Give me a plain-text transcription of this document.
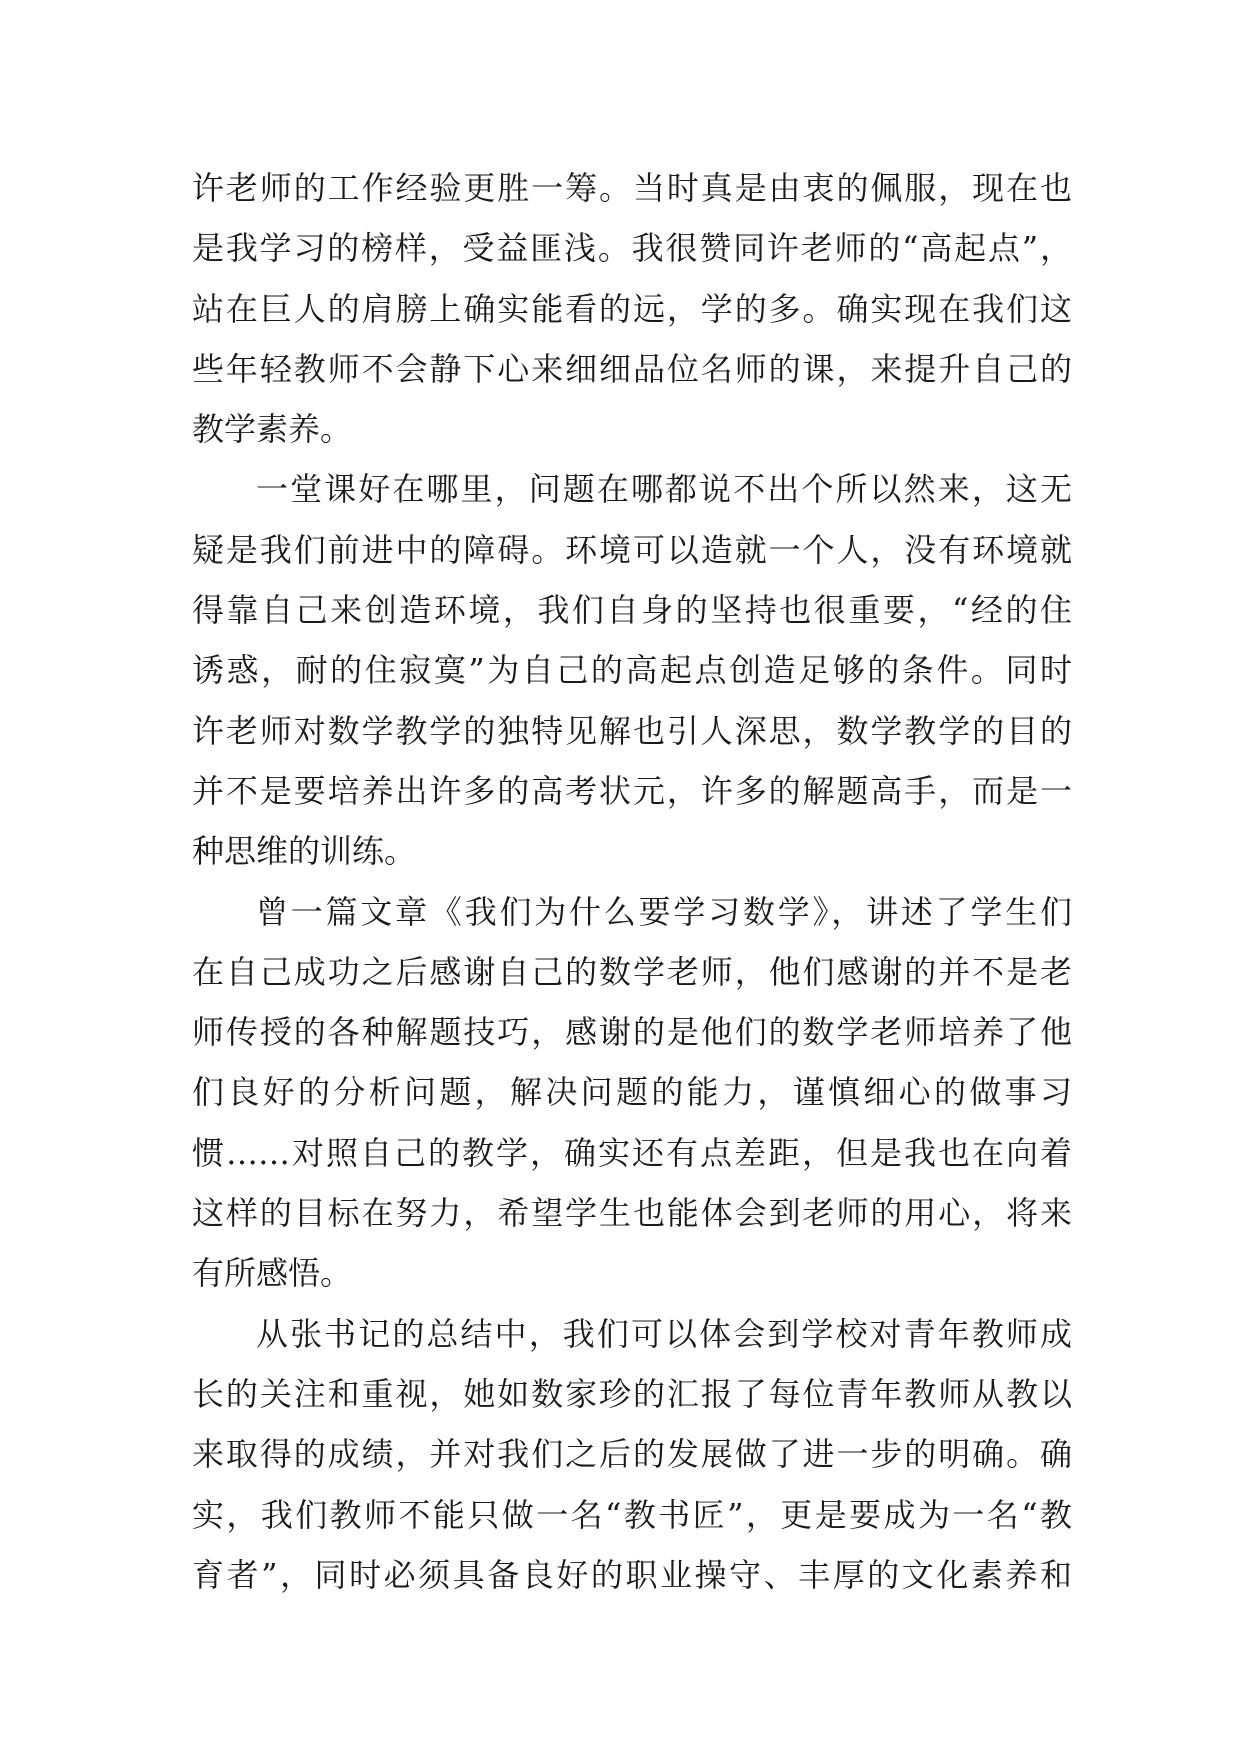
许老师的工作经验更胜一筹。当时真是由衷的佩服，现在也
是我学习的榜样，受益匪浅。我很赞同许老师的“高起点”，
站在巨人的肩膀上确实能看的远，学的多。确实现在我们这
些年轻教师不会静下心来细细品位名师的课，来提升自己的
教学素养。
一堂课好在哪里，问题在哪都说不出个所以然来，这无
疑是我们前进中的障碍。环境可以造就一个人，没有环境就
得靠自己来创造环境，我们自身的坚持也很重要，“经的住
诱惑，耐的住寂寞”为自己的高起点创造足够的条件。同时
许老师对数学教学的独特见解也引人深思，数学教学的目的
并不是要培养出许多的高考状元，许多的解题高手，而是一
种思维的训练。
曾一篇文章《我们为什么要学习数学》，讲述了学生们
在自己成功之后感谢自己的数学老师，他们感谢的并不是老
师传授的各种解题技巧，感谢的是他们的数学老师培养了他
们良好的分析问题，解决问题的能力，谨慎细心的做事习
惯……对照自己的教学，确实还有点差距，但是我也在向着
这样的目标在努力，希望学生也能体会到老师的用心，将来
有所感悟。
从张书记的总结中，我们可以体会到学校对青年教师成
长的关注和重视，她如数家珍的汇报了每位青年教师从教以
来取得的成绩，并对我们之后的发展做了进一步的明确。确
实，我们教师不能只做一名“教书匠”，更是要成为一名“教
育者”，同时必须具备良好的职业操守、丰厚的文化素养和
